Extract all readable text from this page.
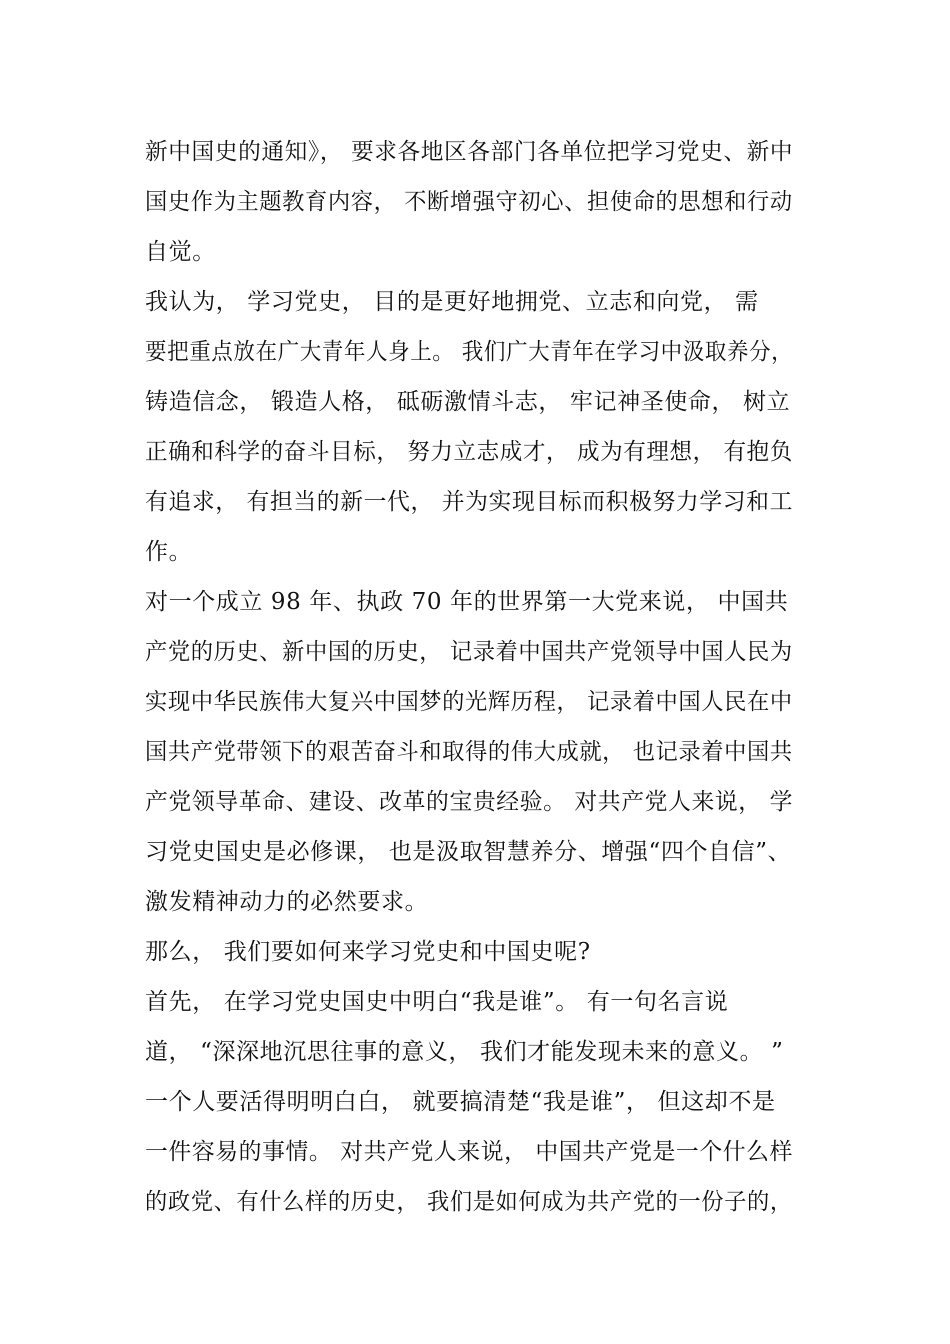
新中国史的通知》， 要求各地区各部门各单位把学习党史、新中
国史作为主题教育内容， 不断增强守初心、担使命的思想和行动
自觉。
我认为， 学习党史， 目的是更好地拥党、立志和向党， 需
要把重点放在广大青年人身上。 我们广大青年在学习中汲取养分，
铸造信念， 锻造人格， 砥砺激情斗志， 牢记神圣使命， 树立
正确和科学的奋斗目标， 努力立志成才， 成为有理想， 有抱负
有追求， 有担当的新一代， 并为实现目标而积极努力学习和工
作。
对一个成立 98 年、执政 70 年的世界第一大党来说， 中国共
产党的历史、新中国的历史， 记录着中国共产党领导中国人民为
实现中华民族伟大复兴中国梦的光辉历程， 记录着中国人民在中
国共产党带领下的艰苦奋斗和取得的伟大成就， 也记录着中国共
产党领导革命、建设、改革的宝贵经验。 对共产党人来说， 学
习党史国史是必修课， 也是汲取智慧养分、增强“四个自信”、
激发精神动力的必然要求。
那么， 我们要如何来学习党史和中国史呢?
首先， 在学习党史国史中明白“我是谁”。 有一句名言说
道， “深深地沉思往事的意义， 我们才能发现未来的意义。 ”
一个人要活得明明白白， 就要搞清楚“我是谁”， 但这却不是
一件容易的事情。 对共产党人来说， 中国共产党是一个什么样
的政党、有什么样的历史， 我们是如何成为共产党的一份子的，
